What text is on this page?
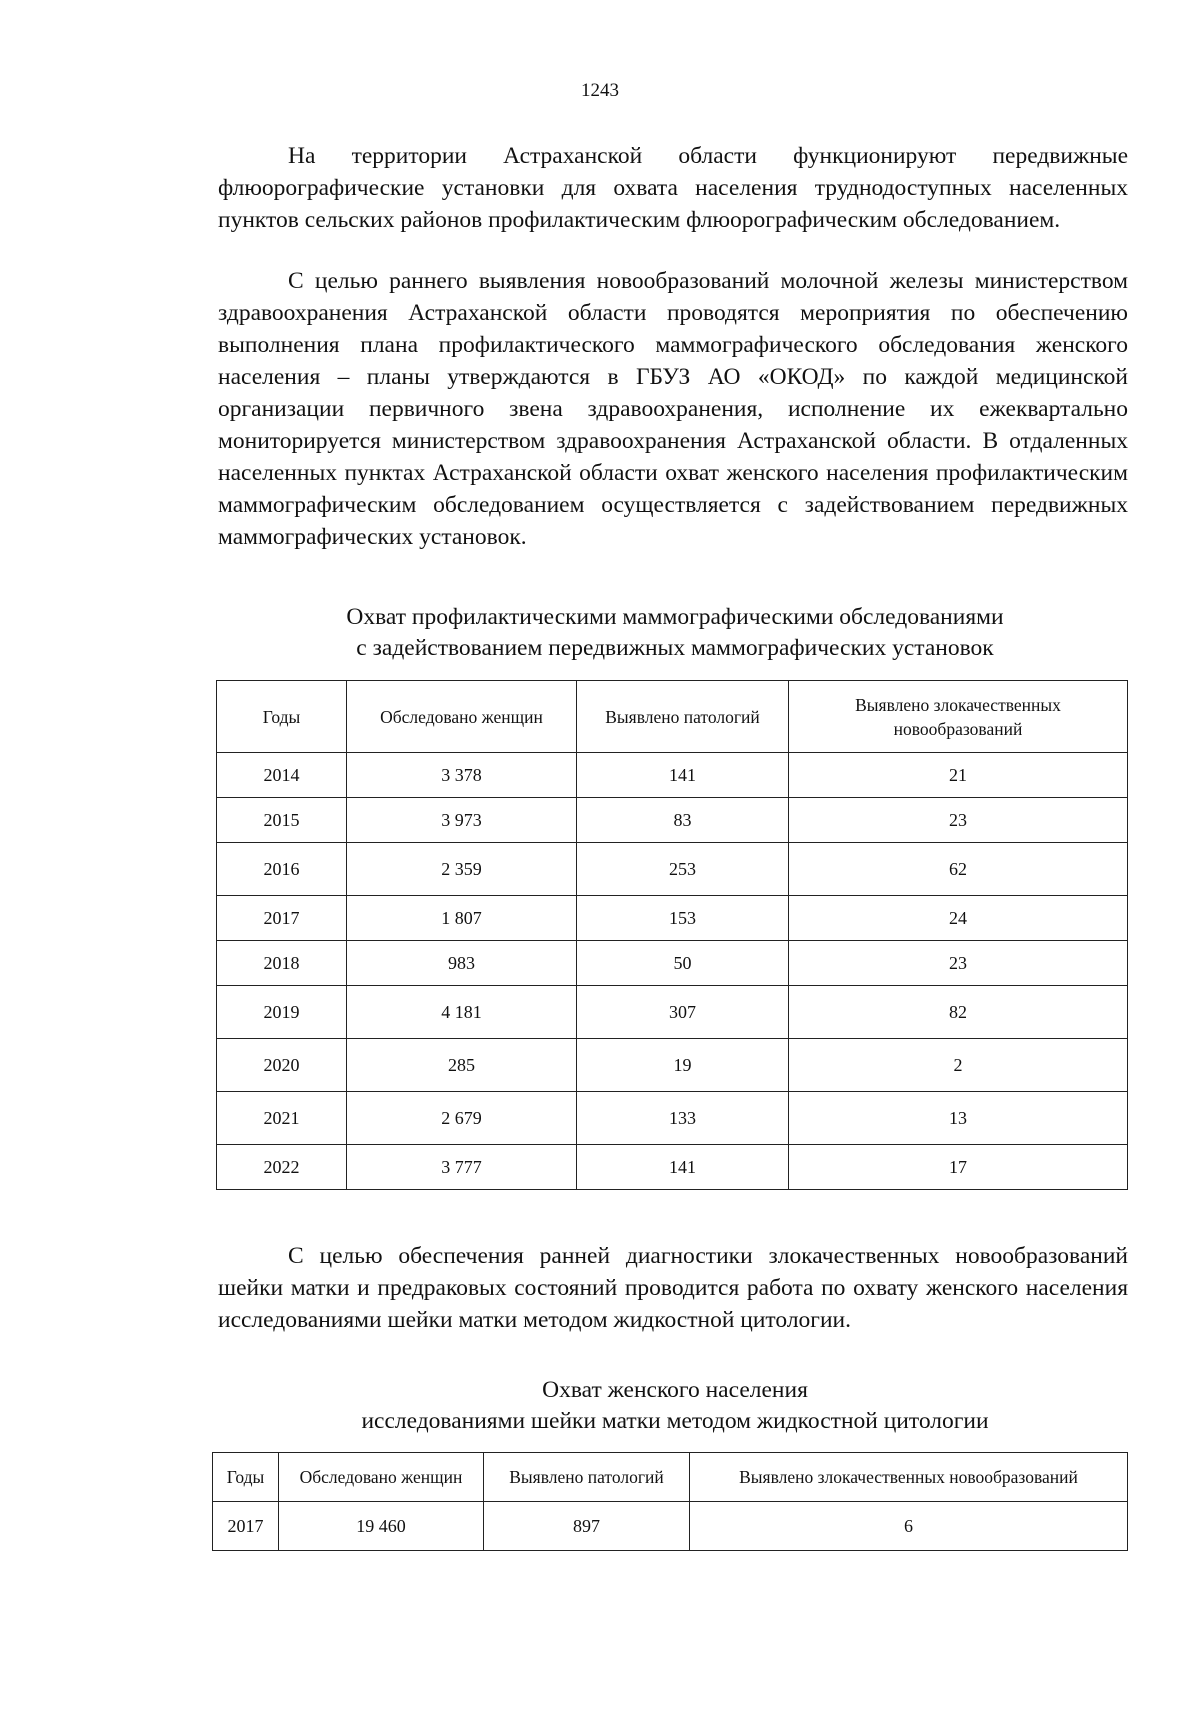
1243
На территории Астраханской области функционируют передвижные флюорографические установки для охвата населения труднодоступных населенных пунктов сельских районов профилактическим флюорографическим обследованием.
С целью раннего выявления новообразований молочной железы министерством здравоохранения Астраханской области проводятся мероприятия по обеспечению выполнения плана профилактического маммографического обследования женского населения – планы утверждаются в ГБУЗ АО «ОКОД» по каждой медицинской организации первичного звена здравоохранения, исполнение их ежеквартально мониторируется министерством здравоохранения Астраханской области. В отдаленных населенных пунктах Астраханской области охват женского населения профилактическим маммографическим обследованием осуществляется с задействованием передвижных маммографических установок.
Охват профилактическими маммографическими обследованиями
с задействованием передвижных маммографических установок
Годы	Обследовано женщин	Выявлено патологий	Выявлено злокачественных новообразований
2014	3 378	141	21
2015	3 973	83	23
2016	2 359	253	62
2017	1 807	153	24
2018	983	50	23
2019	4 181	307	82
2020	285	19	2
2021	2 679	133	13
2022	3 777	141	17
С целью обеспечения ранней диагностики злокачественных новообразований шейки матки и предраковых состояний проводится работа по охвату женского населения исследованиями шейки матки методом жидкостной цитологии.
Охват женского населения
исследованиями шейки матки методом жидкостной цитологии
Годы	Обследовано женщин	Выявлено патологий	Выявлено злокачественных новообразований
2017	19 460	897	6
